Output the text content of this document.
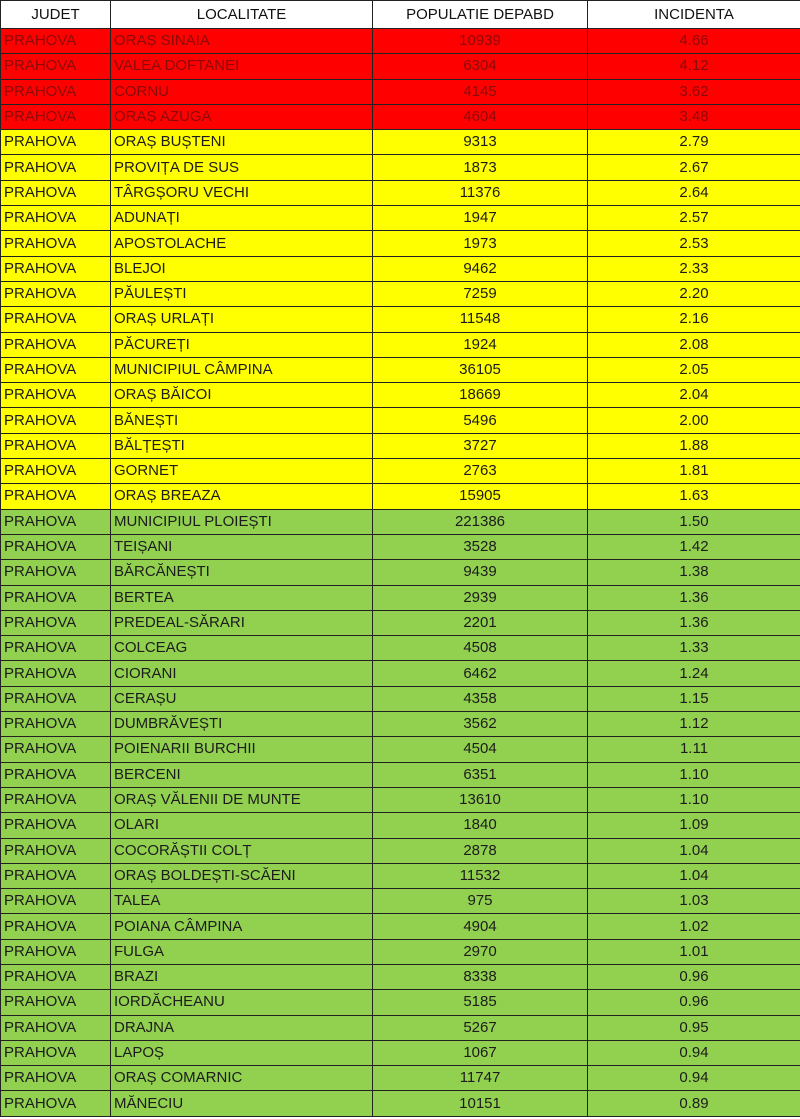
JUDET	LOCALITATE	POPULATIE DEPABD	INCIDENTA
PRAHOVA	ORAȘ SINAIA	10939	4.66
PRAHOVA	VALEA DOFTANEI	6304	4.12
PRAHOVA	CORNU	4145	3.62
PRAHOVA	ORAȘ AZUGA	4604	3.48
PRAHOVA	ORAȘ BUȘTENI	9313	2.79
PRAHOVA	PROVIȚA DE SUS	1873	2.67
PRAHOVA	TÂRGȘORU VECHI	11376	2.64
PRAHOVA	ADUNAȚI	1947	2.57
PRAHOVA	APOSTOLACHE	1973	2.53
PRAHOVA	BLEJOI	9462	2.33
PRAHOVA	PĂULEȘTI	7259	2.20
PRAHOVA	ORAȘ URLAȚI	11548	2.16
PRAHOVA	PĂCUREȚI	1924	2.08
PRAHOVA	MUNICIPIUL CÂMPINA	36105	2.05
PRAHOVA	ORAȘ BĂICOI	18669	2.04
PRAHOVA	BĂNEȘTI	5496	2.00
PRAHOVA	BĂLȚEȘTI	3727	1.88
PRAHOVA	GORNET	2763	1.81
PRAHOVA	ORAȘ BREAZA	15905	1.63
PRAHOVA	MUNICIPIUL PLOIEȘTI	221386	1.50
PRAHOVA	TEIȘANI	3528	1.42
PRAHOVA	BĂRCĂNEȘTI	9439	1.38
PRAHOVA	BERTEA	2939	1.36
PRAHOVA	PREDEAL-SĂRARI	2201	1.36
PRAHOVA	COLCEAG	4508	1.33
PRAHOVA	CIORANI	6462	1.24
PRAHOVA	CERAȘU	4358	1.15
PRAHOVA	DUMBRĂVEȘTI	3562	1.12
PRAHOVA	POIENARII BURCHII	4504	1.11
PRAHOVA	BERCENI	6351	1.10
PRAHOVA	ORAȘ VĂLENII DE MUNTE	13610	1.10
PRAHOVA	OLARI	1840	1.09
PRAHOVA	COCORĂȘTII COLȚ	2878	1.04
PRAHOVA	ORAȘ BOLDEȘTI-SCĂENI	11532	1.04
PRAHOVA	TALEA	975	1.03
PRAHOVA	POIANA CÂMPINA	4904	1.02
PRAHOVA	FULGA	2970	1.01
PRAHOVA	BRAZI	8338	0.96
PRAHOVA	IORDĂCHEANU	5185	0.96
PRAHOVA	DRAJNA	5267	0.95
PRAHOVA	LAPOȘ	1067	0.94
PRAHOVA	ORAȘ COMARNIC	11747	0.94
PRAHOVA	MĂNECIU	10151	0.89
